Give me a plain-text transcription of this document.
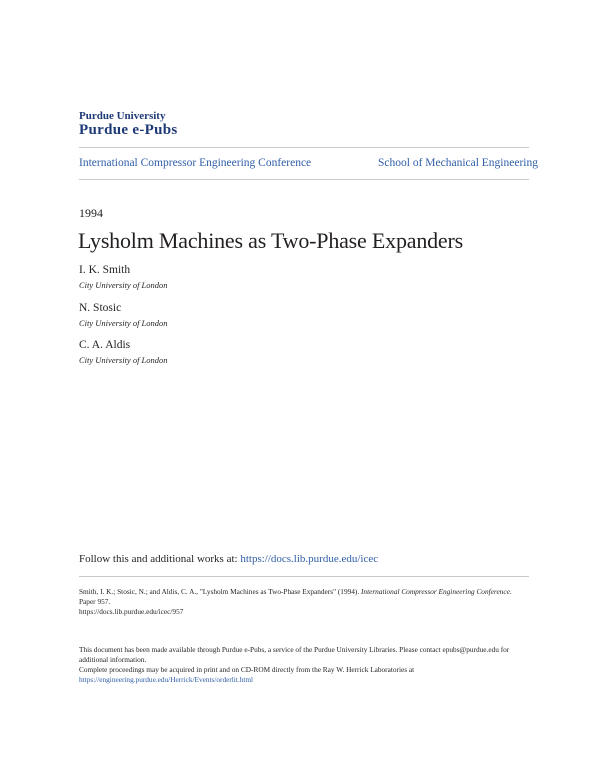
Purdue University
Purdue e-Pubs
International Compressor Engineering Conference	School of Mechanical Engineering
1994
Lysholm Machines as Two-Phase Expanders
I. K. Smith
City University of London
N. Stosic
City University of London
C. A. Aldis
City University of London
Follow this and additional works at: https://docs.lib.purdue.edu/icec
Smith, I. K.; Stosic, N.; and Aldis, C. A., "Lysholm Machines as Two-Phase Expanders" (1994). International Compressor Engineering Conference. Paper 957.
https://docs.lib.purdue.edu/icec/957
This document has been made available through Purdue e-Pubs, a service of the Purdue University Libraries. Please contact epubs@purdue.edu for additional information.
Complete proceedings may be acquired in print and on CD-ROM directly from the Ray W. Herrick Laboratories at https://engineering.purdue.edu/Herrick/Events/orderlit.html
